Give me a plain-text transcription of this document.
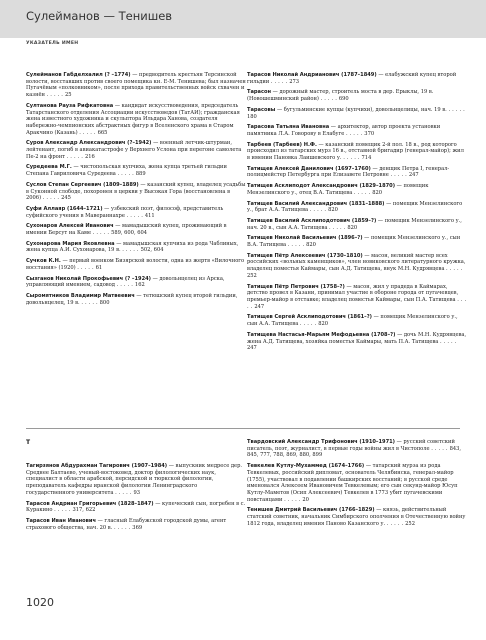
Сулейманов — Тенишев
УКАЗАТЕЛЬ ИМЕН

Сулейманов Габделхалил (? –1774) — предводитель крестьян Терсинской волости, восставших против своего помещика кн. Е-М. Тенишева; был назначен Пугачёвым «полковником», после прихода правительственных войск схвачен и казнён . . . . . 25

Султанова Рауза Рифкатовна — кандидат искусствоведения, председатель Татарстанского отделения Ассоциации искусствоведов (ТатАИ); гражданская жена известного художника и скульптора Ильдара Ханова, создателя набережно-чемпионских абстрактных фигур в Вселенского храма в Старом Аракчино (Казань) . . . . . 665

Суров Александр Александрович (?–1942) — военный летчик-штурман, лейтенант, погиб в авиакатастрофе у Верхнего Услона при перегоне самолета Пе-2 на фронт . . . . . 216

Суредеева М.Г. — чистопольская купчиха, жена купца третьей гильдии Степана Гавриловича Суредеева . . . . . 889

Суслов Степан Сергеевич (1809–1889) — казанский купец, владелец усадьбы в Суконной слободе, похоронен в церкви у Высокая Гора (восстановлена в 2006) . . . . . 245

Суфи Аллаяр (1644–1721) — узбекский поэт, философ, представитель суфийского учения в Мавераннахре . . . . . 411

Сухонаров Алексей Иванович — мамадышский купец, проживающий в имении Берсут на Каме . . . . . 589, 600, 604

Сухонарова Мария Яковлевна — мамадышская купчиха из рода Чаблиных, жена купца А.И. Сухонарова, 19 в. . . . . . 502, 604

Сучков К.Н. — первый военком Бизярской волости, одна из жертв «Вилочного восстания» (1920) . . . . . 61

Сызганов Николай Прокофьевич (? –1924) — довольнцелец из Арска, управляющий имением, садовод . . . . . 162

Сыромятников Владимир Матвеевич — тетюшский купец второй гильдии, довольнцелец, 19 в. . . . . . 800

Тарасов Николай Андрианович (1787–1849) — елабужский купец второй гильдии . . . . . 273

Тарасон — дорожный мастер, строитель моста в дер. Ерыклы, 19 в. (Новошешминский район) . . . . . 690

Тарасовы — бугульминские купцы (купчихи), довольнцелицы, нач. 19 в. . . . . . 180

Тарасова Татьяна Ивановна — архитектор, автор проекта установки памятника Л.А. Говорову в Елабуге . . . . . 370

Тарбеев (Тарбеев) Н.Ф. — казанский помещик 2-й пол. 18 в., род которого происходил из татарских мурз 16 в., отставной бригадир (генерал-майор); жил в имении Пановка Лаишевского у. . . . . . 714

Татищев Алексей Данилович (1697–1760) — денщик Петра I, генерал-полицмейстер Петербурга при Елизавете Петровне . . . . . 247

Татищев Асклиподот Александрович (1829–1870) — помещик Мензелинского у., отец В.А. Татищева . . . . . 820

Татищев Василий Александрович (1831–1888) — помещик Мензелинского у., брат А.А. Татищева . . . . . 820

Татищев Василий Асклиподотович (1859–?) — помещик Мензелинского у., нач. 20 в., сын А.А. Татищева . . . . . 820

Татищев Николай Васильевич (1896–?) — помещик Мензелинского у., сын В.А. Татищева . . . . . 820

Татищев Пётр Алексеевич (1730–1810) — масон, великий мастер всех российских «вольных каменщиков», член новиковского литературного кружка, владелец поместья Каймары, сын А.Д. Татищева, внук М.Н. Кудрявцева . . . . . 252

Татищев Пётр Петрович (1758–?) — масон, жил у прадеда в Каймарах, детство провел в Казани, принимал участие в обороне города от пугачевцев, премьер-майор в отставке; владелец поместья Каймары, сын П.А. Татищева . . . . . 247

Татищев Сергей Асклиподотович (1861–?) — помещик Мензелинского у., сын А.А. Татищева . . . . . 820

Татищева Настасья-Марьям Мефодьевна (1708–?) — дочь М.Н. Кудрявцева, жена А.Д. Татищева, хозяйка поместья Каймары, мать П.А. Татищева . . . . . 247

Т

Тагирзянов Абдурахман Тагирович (1907–1984) — выпускник медресе дер. Среднее Балтаево, ученый-востоковед, доктор филологических наук, специалист в области арабской, персидской и тюркской филологии, преподаватель кафедры иранской филологии Ленинградского государственного университета . . . . . 93

Тарасов Андриан Григорьевич (1828–1847) — купеческий сын, погребен в с. Куракино . . . . . 317, 622

Тарасов Иван Иванович — гласный Елабужской городской думы, агент страхового общества, нач. 20 в. . . . . . 369

Твардовский Александр Трифонович (1910–1971) — русский советский писатель, поэт, журналист, в первые годы войны жил в Чистополе . . . . . 843, 845, 777, 788, 869, 880, 899

Тевкелев Кутлу-Мухаммед (1674–1766) — татарский мурза из рода Тевкелевых, российский дипломат, основатель Челябинска, генерал-майор (1755), участвовал в подавлении башкирских восстаний; в русской среде именовался Алексеем Ивановичем Тевкелевым; его сын секунд-майор Юсуп Кутлу-Маметов (Осип Алексеевич) Тевкелев в 1773 убит пугачевскими повстанцами . . . . . 20

Тенишев Дмитрий Васильевич (1766–1829) — князь, действительный статский советник, начальник Симбирского ополчения в Отечественную войну 1812 года, владелец имения Пановo Казанского у. . . . . . 252

1020
